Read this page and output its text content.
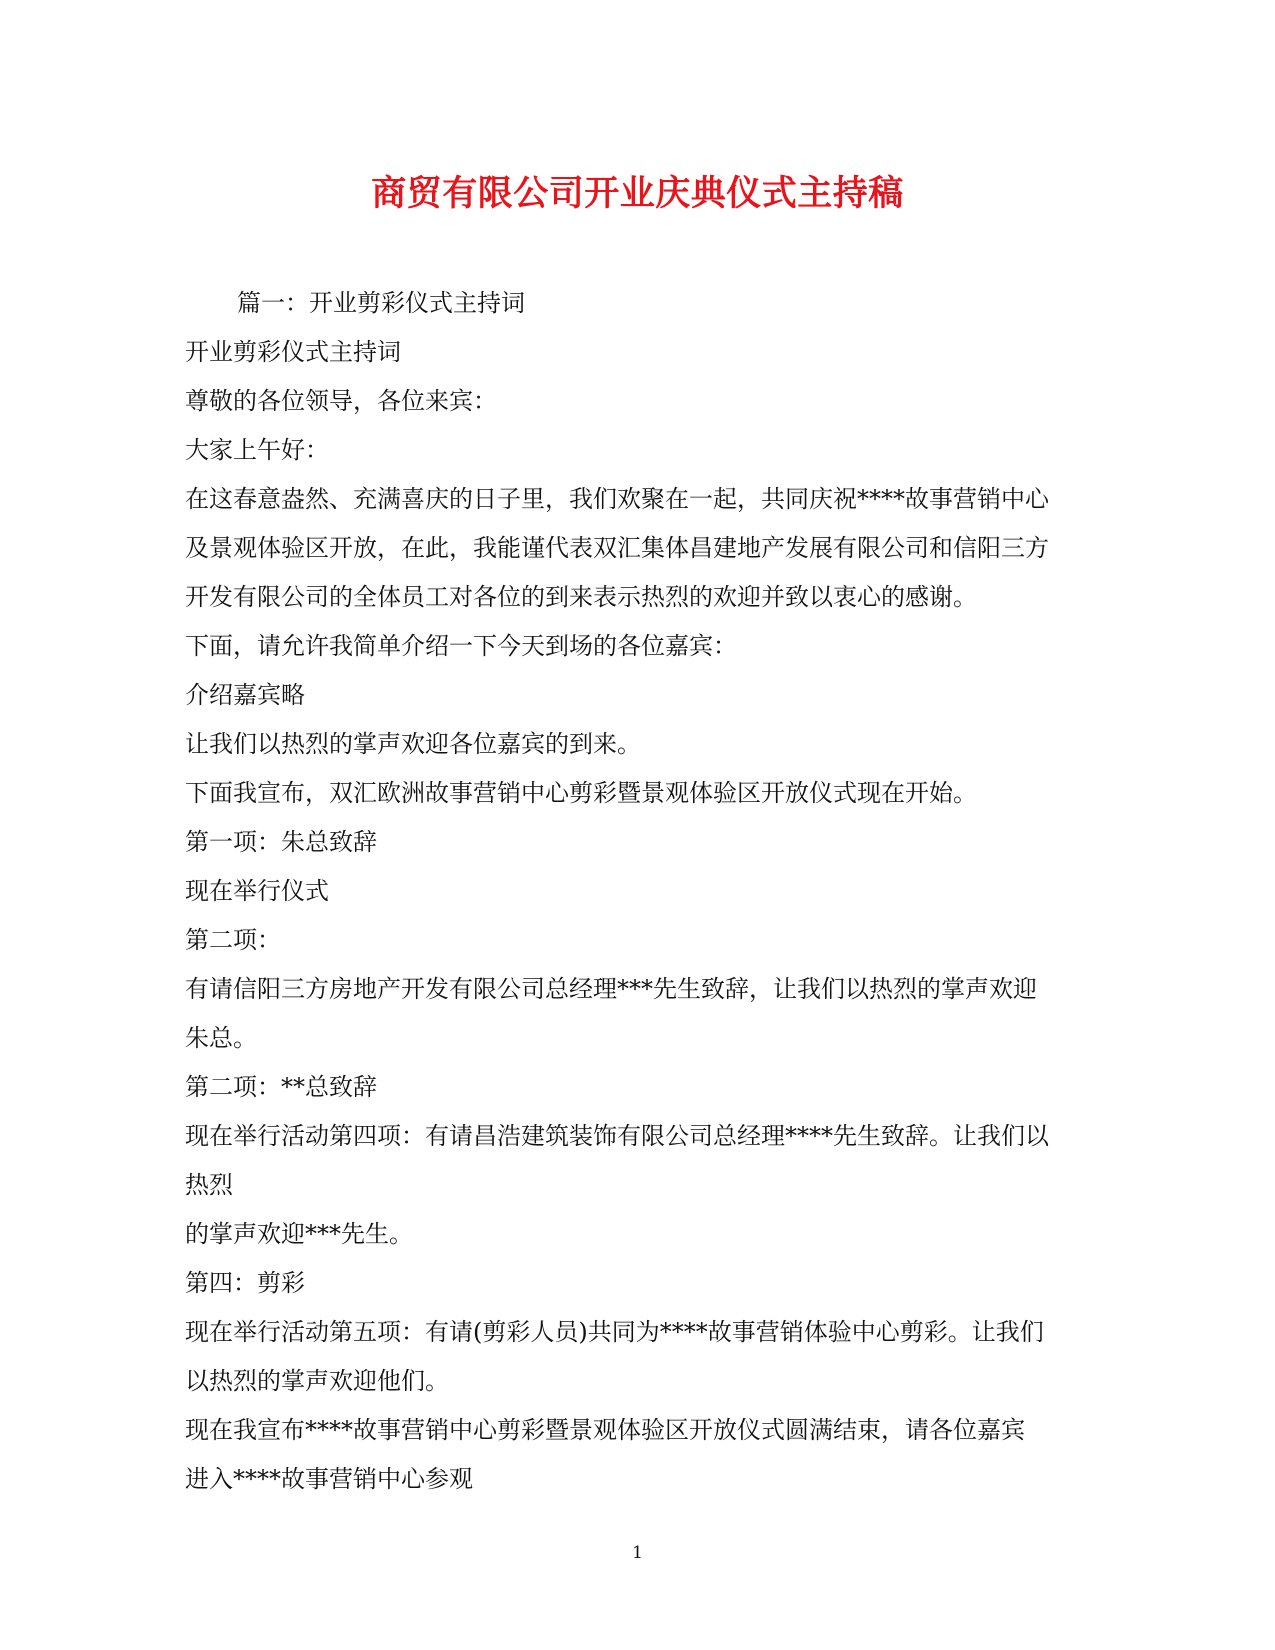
商贸有限公司开业庆典仪式主持稿

篇一：开业剪彩仪式主持词

开业剪彩仪式主持词

尊敬的各位领导，各位来宾：

大家上午好：

在这春意盎然、充满喜庆的日子里，我们欢聚在一起，共同庆祝****故事营销中心

及景观体验区开放，在此，我能谨代表双汇集体昌建地产发展有限公司和信阳三方

开发有限公司的全体员工对各位的到来表示热烈的欢迎并致以衷心的感谢。

下面，请允许我简单介绍一下今天到场的各位嘉宾：

介绍嘉宾略

让我们以热烈的掌声欢迎各位嘉宾的到来。

下面我宣布，双汇欧洲故事营销中心剪彩暨景观体验区开放仪式现在开始。

第一项：朱总致辞

现在举行仪式

第二项：

有请信阳三方房地产开发有限公司总经理***先生致辞，让我们以热烈的掌声欢迎

朱总。

第二项：**总致辞

现在举行活动第四项：有请昌浩建筑装饰有限公司总经理****先生致辞。让我们以

热烈

的掌声欢迎***先生。

第四：剪彩

现在举行活动第五项：有请(剪彩人员)共同为****故事营销体验中心剪彩。让我们

以热烈的掌声欢迎他们。

现在我宣布****故事营销中心剪彩暨景观体验区开放仪式圆满结束，请各位嘉宾

进入****故事营销中心参观

1
